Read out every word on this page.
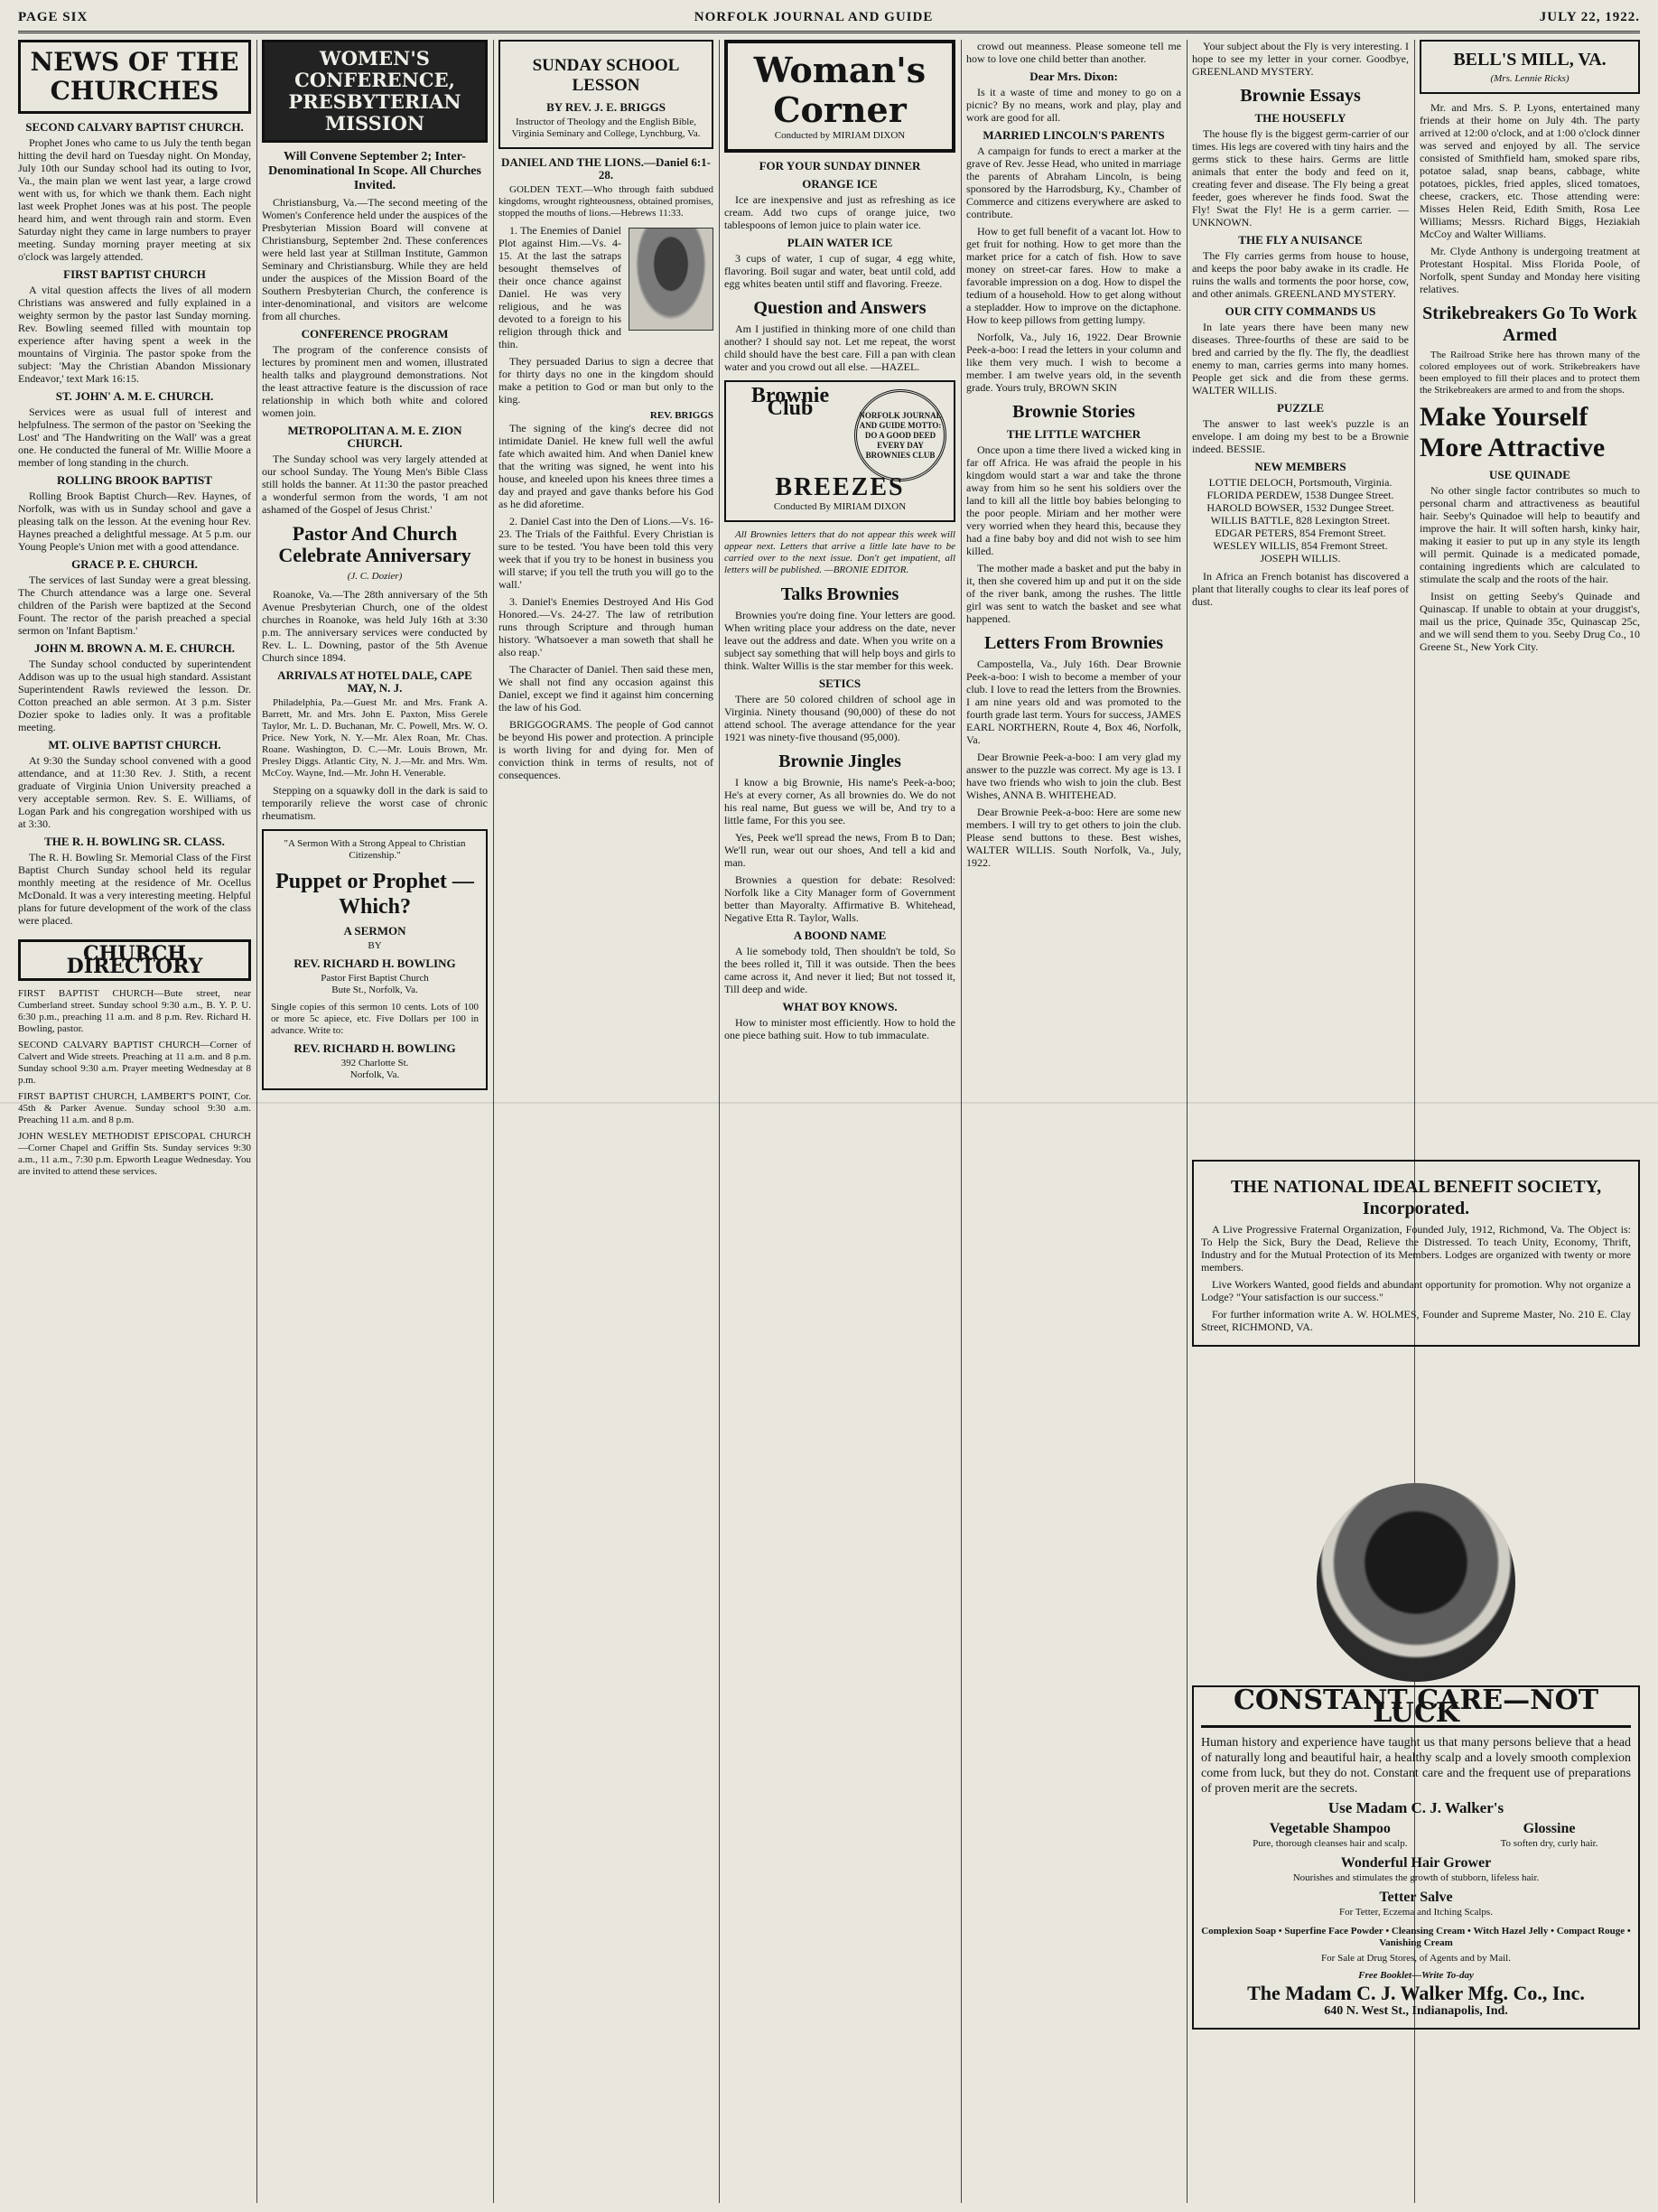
PAGE SIX	NORFOLK JOURNAL AND GUIDE	JULY 22, 1922.
NEWS OF THE CHURCHES
SECOND CALVARY BAPTIST CHURCH.

Prophet Jones who came to us July the tenth began hitting the devil hard on Tuesday night. On Monday, July 10th our Sunday school had its outing to Ivor, Va., the main plan we went last year, a large crowd went with us, for which we thank them. Each night last week Prophet Jones was at his post. The people heard him, and went through rain and storm. Even Saturday night they came in large numbers to prayer meeting. Sunday morning prayer meeting at six o'clock was largely attended.

FIRST BAPTIST CHURCH

A vital question affects the lives of all modern Christians was answered and fully explained in a weighty sermon by the pastor last Sunday morning. Rev. Bowling seemed filled with mountain top experience after having spent a week in the mountains of Virginia. The pastor spoke from the subject: 'May the Christian Abandon Missionary Endeavor,' text Mark 16:15.

ST. JOHN' A. M. E. CHURCH.

Services were as usual full of interest and helpfulness. The sermon of the pastor on 'Seeking the Lost' and 'The Handwriting on the Wall' was a great one. He conducted the funeral of Mr. Willie Moore a member of long standing in the church.

ROLLING BROOK BAPTIST

Rolling Brook Baptist Church—Rev. Haynes, of Norfolk, was with us in Sunday school and gave a pleasing talk on the lesson. At the evening hour Rev. Haynes preached a delightful message. At 5 p.m. our Young People's Union met with a good attendance.

GRACE P. E. CHURCH.

The services of last Sunday were a great blessing. The Church attendance was a large one. Several children of the Parish were baptized at the Second Fount. The rector of the parish preached a special sermon on 'Infant Baptism.'

JOHN M. BROWN A. M. E. CHURCH.

The Sunday school conducted by superintendent Addison was up to the usual high standard. Assistant Superintendent Rawls reviewed the lesson. Dr. Cotton preached an able sermon. At 3 p.m. Sister Dozier spoke to ladies only. It was a profitable meeting.

MT. OLIVE BAPTIST CHURCH.

At 9:30 the Sunday school convened with a good attendance, and at 11:30 Rev. J. Stith, a recent graduate of Virginia Union University preached a very acceptable sermon. Rev. S. E. Williams, of Logan Park and his congregation worshiped with us at 3:30.

THE R. H. BOWLING SR. CLASS.

The R. H. Bowling Sr. Memorial Class of the First Baptist Church Sunday school held its regular monthly meeting at the residence of Mr. Ocellus McDonald. It was a very interesting meeting. Helpful plans for future development of the work of the class were placed.

CHURCH DIRECTORY
FIRST BAPTIST CHURCH—Bute street, near Cumberland street. Sunday school 9:30 a.m., B. Y. P. U. 6:30 p.m., preaching 11 a.m. and 8 p.m. Rev. Richard H. Bowling, pastor.
SECOND CALVARY BAPTIST CHURCH—Corner of Calvert and Wide streets. Preaching at 11 a.m. and 8 p.m. Sunday school 9:30 a.m. Prayer meeting Wednesday at 8 p.m.
FIRST BAPTIST CHURCH, LAMBERT'S POINT, Cor. 45th & Parker Avenue. Sunday school 9:30 a.m. Preaching 11 a.m. and 8 p.m.
JOHN WESLEY METHODIST EPISCOPAL CHURCH—Corner Chapel and Griffin Sts. Sunday services 9:30 a.m., 11 a.m., 7:30 p.m. Epworth League Wednesday. You are invited to attend these services.
WOMEN'S CONFERENCE, PRESBYTERIAN MISSION
Will Convene September 2; Inter-Denominational In Scope. All Churches Invited.

Christiansburg, Va.—The second meeting of the Women's Conference held under the auspices of the Presbyterian Mission Board will convene at Christiansburg, September 2nd. These conferences were held last year at Stillman Institute, Gammon Seminary and Christiansburg. While they are held under the auspices of the Mission Board of the Southern Presbyterian Church, the conference is inter-denominational, and visitors are welcome from all churches.

CONFERENCE PROGRAM

The program of the conference consists of lectures by prominent men and women, illustrated health talks and playground demonstrations. Not the least attractive feature is the discussion of race relationship in which both white and colored women join.

METROPOLITAN A. M. E. ZION CHURCH.

The Sunday school was very largely attended at our school Sunday. The Young Men's Bible Class still holds the banner. At 11:30 the pastor preached a wonderful sermon from the words, 'I am not ashamed of the Gospel of Jesus Christ.'

Pastor And Church Celebrate Anniversary
(J. C. Dozier)

Roanoke, Va.—The 28th anniversary of the 5th Avenue Presbyterian Church, one of the oldest churches in Roanoke, was held July 16th at 3:30 p.m. The anniversary services were conducted by Rev. L. L. Downing, pastor of the 5th Avenue Church since 1894.

ARRIVALS AT HOTEL DALE, CAPE MAY, N. J.

Philadelphia, Pa.—Guest Mr. and Mrs. Frank A. Barrett, Mr. and Mrs. John E. Paxton, Miss Gerele Taylor, Mr. L. D. Buchanan, Mr. C. Powell, Mrs. W. O. Price. New York, N. Y.—Mr. Alex Roan, Mr. Chas. Roane. Washington, D. C.—Mr. Louis Brown, Mr. Presley Diggs. Atlantic City, N. J.—Mr. and Mrs. Wm. McCoy. Wayne, Ind.—Mr. John H. Venerable.

Stepping on a squawky doll in the dark is said to temporarily relieve the worst case of chronic rheumatism.

"A Sermon With a Strong Appeal to Christian Citizenship."
Puppet or Prophet —Which?
A SERMON
BY
REV. RICHARD H. BOWLING
Pastor First Baptist Church
Bute St., Norfolk, Va.

Single copies of this sermon 10 cents. Lots of 100 or more 5c apiece, etc. Five Dollars per 100 in advance. Write to:

REV. RICHARD H. BOWLING
392 Charlotte St.
Norfolk, Va.
SUNDAY SCHOOL LESSON
BY REV. J. E. BRIGGS
Instructor of Theology and the English Bible, Virginia Seminary and College, Lynchburg, Va.
DANIEL AND THE LIONS.—Daniel 6:1-28.

GOLDEN TEXT.—Who through faith subdued kingdoms, wrought righteousness, obtained promises, stopped the mouths of lions.—Hebrews 11:33.

1. The Enemies of Daniel Plot against Him.—Vs. 4-15. At the last the satraps besought themselves of their once chance against Daniel. He was very religious, and he was devoted to a foreign to his religion through thick and thin.

They persuaded Darius to sign a decree that for thirty days no one in the kingdom should make a petition to God or man but only to the king.

REV. BRIGGS

The signing of the king's decree did not intimidate Daniel. He knew full well the awful fate which awaited him. And when Daniel knew that the writing was signed, he went into his house, and kneeled upon his knees three times a day and prayed and gave thanks before his God as he did aforetime.

2. Daniel Cast into the Den of Lions.—Vs. 16-23. The Trials of the Faithful. Every Christian is sure to be tested. 'You have been told this very week that if you try to be honest in business you will starve; if you tell the truth you will go to the wall.'

3. Daniel's Enemies Destroyed And His God Honored.—Vs. 24-27. The law of retribution runs through Scripture and through human history. 'Whatsoever a man soweth that shall he also reap.'

The Character of Daniel. Then said these men, We shall not find any occasion against this Daniel, except we find it against him concerning the law of his God.

BRIGGOGRAMS. The people of God cannot be beyond His power and protection. A principle is worth living for and dying for. Men of conviction think in terms of results, not of consequences.

Woman's Corner
Conducted by MIRIAM DIXON
FOR YOUR SUNDAY DINNER
ORANGE ICE

Ice are inexpensive and just as refreshing as ice cream. Add two cups of orange juice, two tablespoons of lemon juice to plain water ice.

PLAIN WATER ICE

3 cups of water, 1 cup of sugar, 4 egg white, flavoring. Boil sugar and water, beat until cold, add egg whites beaten until stiff and flavoring. Freeze.

Question and Answers

Am I justified in thinking more of one child than another? I should say not. Let me repeat, the worst child should have the best care. Fill a pan with clean water and you crowd out all else. —HAZEL.

NORFOLK JOURNAL AND GUIDE MOTTO: DO A GOOD DEED EVERY DAY BROWNIES CLUB
Brownie Club
BREEZES
Conducted By MIRIAM DIXON

All Brownies letters that do not appear this week will appear next. Letters that arrive a little late have to be carried over to the next issue. Don't get impatient, all letters will be published. —BRONIE EDITOR.

Talks Brownies

Brownies you're doing fine. Your letters are good. When writing place your address on the date, never leave out the address and date. When you write on a subject say something that will help boys and girls to think. Walter Willis is the star member for this week.

SETICS

There are 50 colored children of school age in Virginia. Ninety thousand (90,000) of these do not attend school. The average attendance for the year 1921 was ninety-five thousand (95,000).

Brownie Jingles

I know a big Brownie, His name's Peek-a-boo; He's at every corner, As all brownies do. We do not his real name, But guess we will be, And try to a little fame, For this you see.

Yes, Peek we'll spread the news, From B to Dan; We'll run, wear out our shoes, And tell a kid and man.

Brownies a question for debate: Resolved: Norfolk like a City Manager form of Government better than Mayoralty. Affirmative B. Whitehead, Negative Etta R. Taylor, Walls.

A BOOND NAME

A lie somebody told, Then shouldn't be told, So the bees rolled it, Till it was outside. Then the bees came across it, And never it lied; But not tossed it, Till deep and wide.

WHAT BOY KNOWS.

How to minister most efficiently. How to hold the one piece bathing suit. How to tub immaculate.

crowd out meanness. Please someone tell me how to love one child better than another.

Dear Mrs. Dixon:

Is it a waste of time and money to go on a picnic? By no means, work and play, play and work are good for all.

MARRIED LINCOLN'S PARENTS

A campaign for funds to erect a marker at the grave of Rev. Jesse Head, who united in marriage the parents of Abraham Lincoln, is being sponsored by the Harrodsburg, Ky., Chamber of Commerce and citizens everywhere are asked to contribute.

How to get full benefit of a vacant lot. How to get fruit for nothing. How to get more than the market price for a catch of fish. How to save money on street-car fares. How to make a favorable impression on a dog. How to dispel the tedium of a household. How to get along without a stepladder. How to improve on the dictaphone. How to keep pillows from getting lumpy.

Norfolk, Va., July 16, 1922. Dear Brownie Peek-a-boo: I read the letters in your column and like them very much. I wish to become a member. I am twelve years old, in the seventh grade. Yours truly, BROWN SKIN

Brownie Stories
THE LITTLE WATCHER

Once upon a time there lived a wicked king in far off Africa. He was afraid the people in his kingdom would start a war and take the throne away from him so he sent his soldiers over the land to kill all the little boy babies belonging to the poor people. Miriam and her mother were very worried when they heard this, because they had a fine baby boy and did not wish to see him killed.

The mother made a basket and put the baby in it, then she covered him up and put it on the side of the river bank, among the rushes. The little girl was sent to watch the basket and see what happened.

Letters From Brownies

Campostella, Va., July 16th. Dear Brownie Peek-a-boo: I wish to become a member of your club. I love to read the letters from the Brownies. I am nine years old and was promoted to the fourth grade last term. Yours for success, JAMES EARL NORTHERN, Route 4, Box 46, Norfolk, Va.

Dear Brownie Peek-a-boo: I am very glad my answer to the puzzle was correct. My age is 13. I have two friends who wish to join the club. Best Wishes, ANNA B. WHITEHEAD.

Dear Brownie Peek-a-boo: Here are some new members. I will try to get others to join the club. Please send buttons to these. Best wishes, WALTER WILLIS. South Norfolk, Va., July, 1922.

Your subject about the Fly is very interesting. I hope to see my letter in your corner. Goodbye, GREENLAND MYSTERY.

Brownie Essays
THE HOUSEFLY

The house fly is the biggest germ-carrier of our times. His legs are covered with tiny hairs and the germs stick to these hairs. Germs are little animals that enter the body and feed on it, creating fever and disease. The Fly being a great feeder, goes wherever he finds food. Swat the Fly! Swat the Fly! He is a germ carrier. —UNKNOWN.

THE FLY A NUISANCE

The Fly carries germs from house to house, and keeps the poor baby awake in its cradle. He ruins the walls and torments the poor horse, cow, and other animals. GREENLAND MYSTERY.

OUR CITY COMMANDS US

In late years there have been many new diseases. Three-fourths of these are said to be bred and carried by the fly. The fly, the deadliest enemy to man, carries germs into many homes. People get sick and die from these germs. WALTER WILLIS.

PUZZLE

The answer to last week's puzzle is an envelope. I am doing my best to be a Brownie indeed. BESSIE.

NEW MEMBERS
LOTTIE DELOCH, Portsmouth, Virginia.
FLORIDA PERDEW, 1538 Dungee Street.
HAROLD BOWSER, 1532 Dungee Street.
WILLIS BATTLE, 828 Lexington Street.
EDGAR PETERS, 854 Fremont Street.
WESLEY WILLIS, 854 Fremont Street.
JOSEPH WILLIS.

In Africa an French botanist has discovered a plant that literally coughs to clear its leaf pores of dust.

BELL'S MILL, VA.
(Mrs. Lennie Ricks)

Mr. and Mrs. S. P. Lyons, entertained many friends at their home on July 4th. The party arrived at 12:00 o'clock, and at 1:00 o'clock dinner was served and enjoyed by all. The service consisted of Smithfield ham, smoked spare ribs, potatoe salad, snap beans, cabbage, white potatoes, pickles, fried apples, sliced tomatoes, cheese, crackers, etc. Those attending were: Misses Helen Reid, Edith Smith, Rosa Lee Williams; Messrs. Richard Biggs, Heziakiah McCoy and Walter Williams.

Mr. Clyde Anthony is undergoing treatment at Protestant Hospital. Miss Florida Poole, of Norfolk, spent Sunday and Monday here visiting relatives.

Strikebreakers Go To Work Armed

The Railroad Strike here has thrown many of the colored employees out of work. Strikebreakers have been employed to fill their places and to protect them the Strikebreakers are armed to and from the shops.

Make Yourself More Attractive
USE QUINADE

No other single factor contributes so much to personal charm and attractiveness as beautiful hair. Seeby's Quinadoe will help to beautify and improve the hair. It will soften harsh, kinky hair, making it easier to put up in any style its length will permit. Quinade is a medicated pomade, containing ingredients which are calculated to stimulate the scalp and the roots of the hair.

Insist on getting Seeby's Quinade and Quinascap. If unable to obtain at your druggist's, mail us the price, Quinade 35c, Quinascap 25c, and we will send them to you. Seeby Drug Co., 10 Greene St., New York City.

THE NATIONAL IDEAL BENEFIT SOCIETY, Incorporated.

A Live Progressive Fraternal Organization, Founded July, 1912, Richmond, Va. The Object is: To Help the Sick, Bury the Dead, Relieve the Distressed. To teach Unity, Economy, Thrift, Industry and for the Mutual Protection of its Members. Lodges are organized with twenty or more members.

Live Workers Wanted, good fields and abundant opportunity for promotion. Why not organize a Lodge? "Your satisfaction is our success."

For further information write A. W. HOLMES, Founder and Supreme Master, No. 210 E. Clay Street, RICHMOND, VA.

CONSTANT CARE—NOT LUCK

Human history and experience have taught us that many persons believe that a head of naturally long and beautiful hair, a healthy scalp and a lovely smooth complexion come from luck, but they do not. Constant care and the frequent use of preparations of proven merit are the secrets.

Use Madam C. J. Walker's
Vegetable Shampoo
Pure, thorough cleanses hair and scalp.
Glossine
To soften dry, curly hair.
Wonderful Hair Grower
Nourishes and stimulates the growth of stubborn, lifeless hair.
Tetter Salve
For Tetter, Eczema and Itching Scalps.
Complexion Soap • Superfine Face Powder • Cleansing Cream • Witch Hazel Jelly • Compact Rouge • Vanishing Cream
For Sale at Drug Stores, of Agents and by Mail.
Free Booklet—Write To-day
The Madam C. J. Walker Mfg. Co., Inc.
640 N. West St., Indianapolis, Ind.
